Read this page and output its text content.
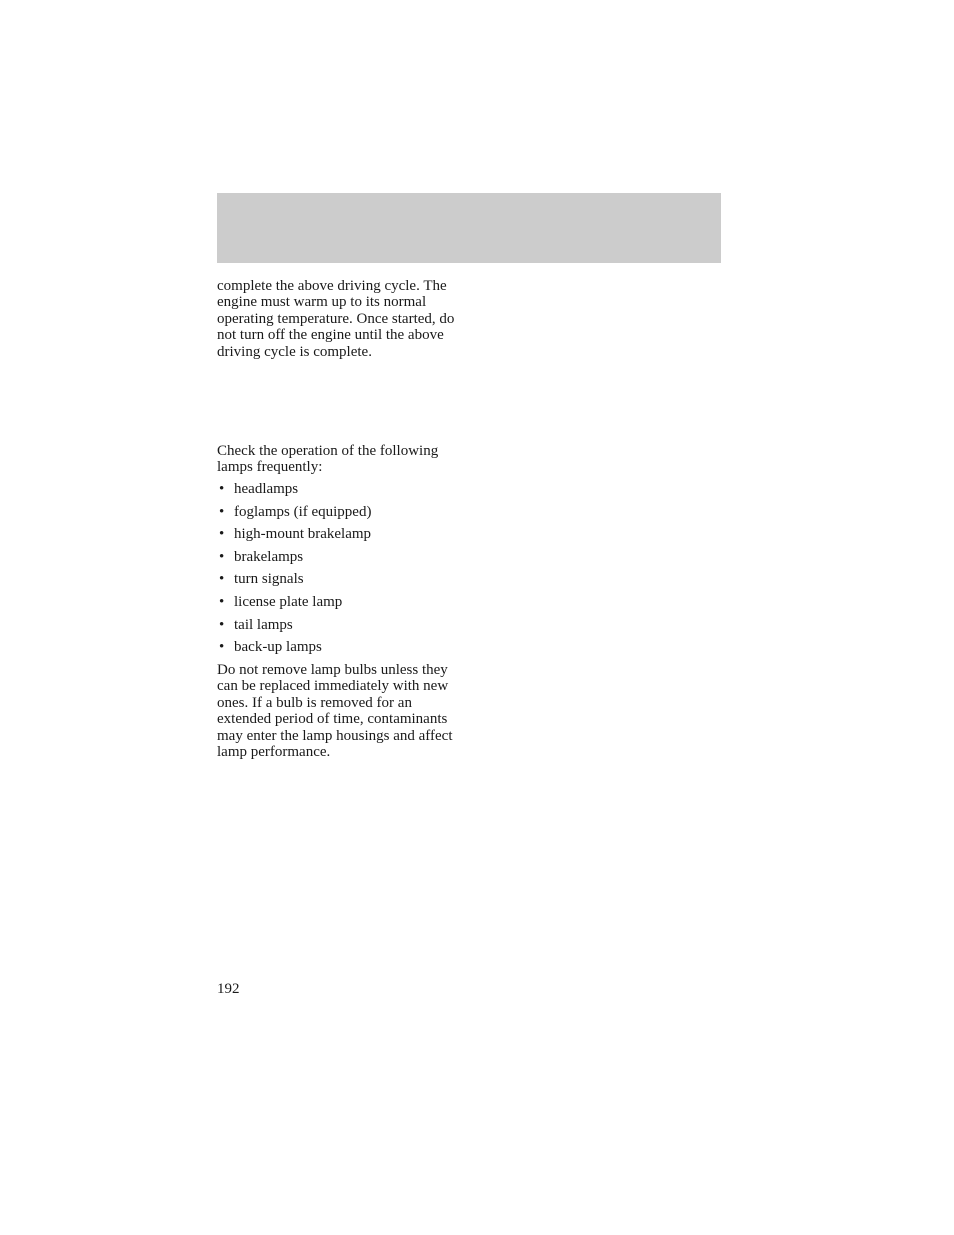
complete the above driving cycle. The engine must warm up to its normal operating temperature. Once started, do not turn off the engine until the above driving cycle is complete.

Check the operation of the following lamps frequently:

• headlamps
• foglamps (if equipped)
• high-mount brakelamp
• brakelamps
• turn signals
• license plate lamp
• tail lamps
• back-up lamps

Do not remove lamp bulbs unless they can be replaced immediately with new ones. If a bulb is removed for an extended period of time, contaminants may enter the lamp housings and affect lamp performance.

192
